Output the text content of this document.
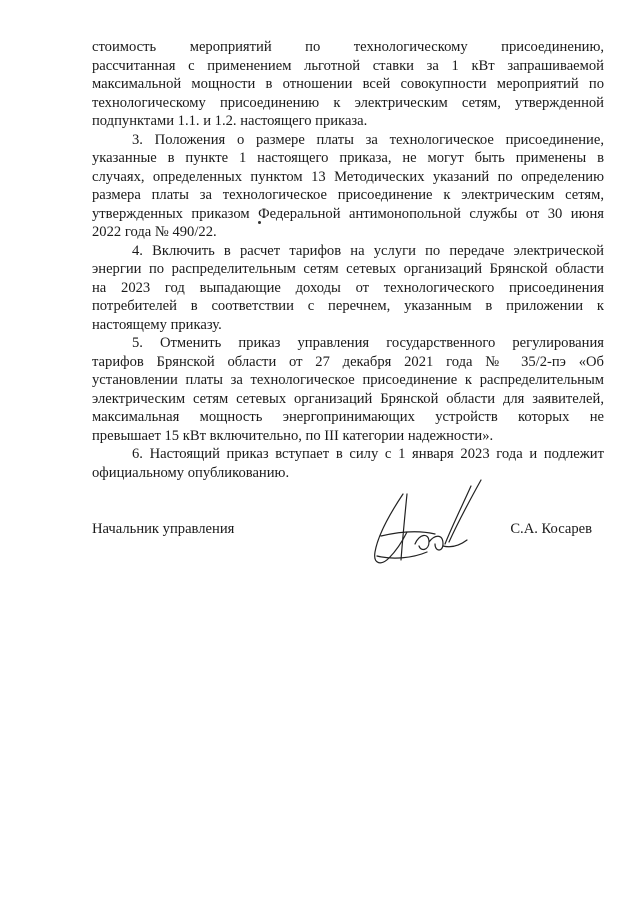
стоимость мероприятий по технологическому присоединению,
рассчитанная с применением льготной ставки за 1 кВт запрашиваемой
максимальной мощности в отношении всей совокупности мероприятий по
технологическому присоединению к электрическим сетям, утвержденной
подпунктами 1.1. и 1.2. настоящего приказа.

3. Положения о размере платы за технологическое присоединение,
указанные в пункте 1 настоящего приказа, не могут быть применены в
случаях, определенных пунктом 13 Методических указаний по определению
размера платы за технологическое присоединение к электрическим сетям,
утвержденных приказом Федеральной антимонопольной службы от 30 июня
2022 года № 490/22.

4. Включить в расчет тарифов на услуги по передаче электрической
энергии по распределительным сетям сетевых организаций Брянской области
на 2023 год выпадающие доходы от технологического присоединения
потребителей в соответствии с перечнем, указанным в приложении к
настоящему приказу.

5. Отменить приказ управления государственного регулирования
тарифов Брянской области от 27 декабря 2021 года № 35/2-пэ «Об
установлении платы за технологическое присоединение к распределительным
электрическим сетям сетевых организаций Брянской области для заявителей,
максимальная мощность энергопринимающих устройств которых не
превышает 15 кВт включительно, по III категории надежности».

6. Настоящий приказ вступает в силу с 1 января 2023 года и подлежит
официальному опубликованию.

Начальник управления	С.А. Косарев
